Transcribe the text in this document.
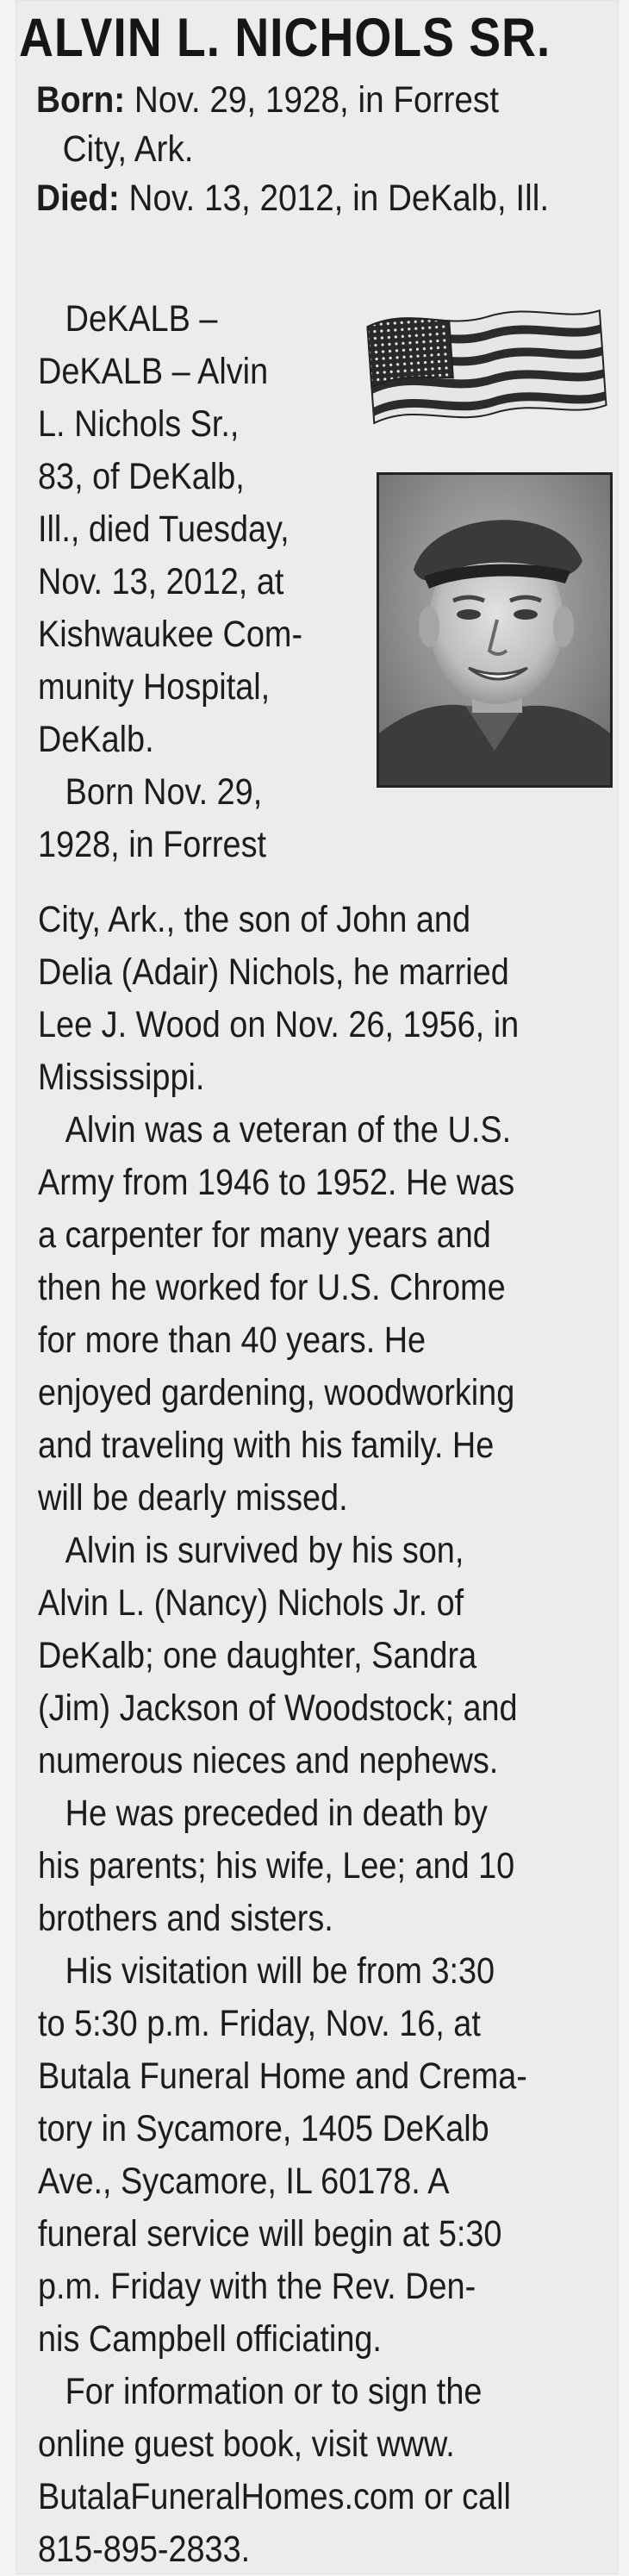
ALVIN L. NICHOLS SR.
Born: Nov. 29, 1928, in Forrest
City, Ark.
Died: Nov. 13, 2012, in DeKalb, Ill.
DeKALB –
DeKALB – Alvin
L. Nichols Sr.,
83, of DeKalb,
Ill., died Tuesday,
Nov. 13, 2012, at
Kishwaukee Com-
munity Hospital,
DeKalb.
Born Nov. 29,
1928, in Forrest
City, Ark., the son of John and
Delia (Adair) Nichols, he married
Lee J. Wood on Nov. 26, 1956, in
Mississippi.
Alvin was a veteran of the U.S.
Army from 1946 to 1952. He was
a carpenter for many years and
then he worked for U.S. Chrome
for more than 40 years. He
enjoyed gardening, woodworking
and traveling with his family. He
will be dearly missed.
Alvin is survived by his son,
Alvin L. (Nancy) Nichols Jr. of
DeKalb; one daughter, Sandra
(Jim) Jackson of Woodstock; and
numerous nieces and nephews.
He was preceded in death by
his parents; his wife, Lee; and 10
brothers and sisters.
His visitation will be from 3:30
to 5:30 p.m. Friday, Nov. 16, at
Butala Funeral Home and Crema-
tory in Sycamore, 1405 DeKalb
Ave., Sycamore, IL 60178. A
funeral service will begin at 5:30
p.m. Friday with the Rev. Den-
nis Campbell officiating.
For information or to sign the
online guest book, visit www.
ButalaFuneralHomes.com or call
815-895-2833.
